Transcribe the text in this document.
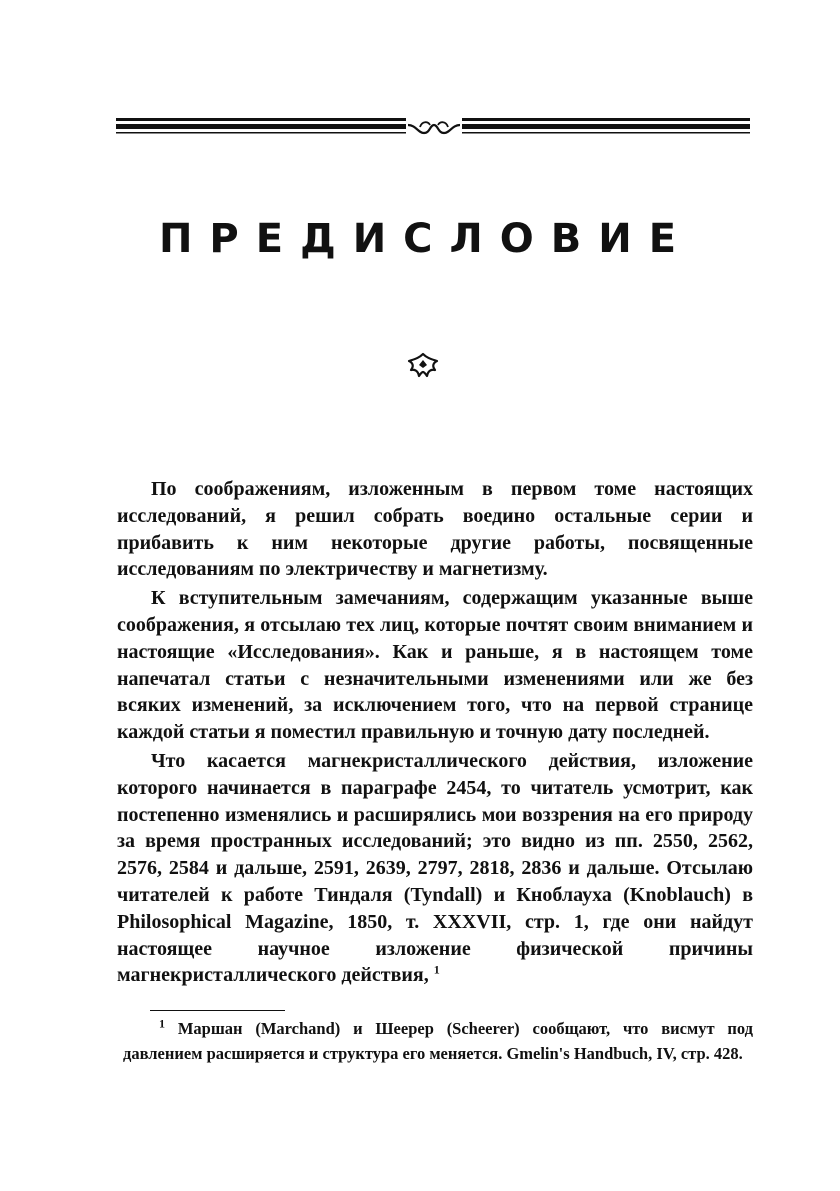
ПРЕДИСЛОВИЕ

По соображениям, изложенным в первом томе настоящих исследований, я решил собрать воедино остальные серии и прибавить к ним некоторые другие работы, посвященные исследованиям по электричеству и магнетизму.

К вступительным замечаниям, содержащим указанные выше соображения, я отсылаю тех лиц, которые почтят своим вниманием и настоящие «Исследования». Как и раньше, я в настоящем томе напечатал статьи с незначительными изменениями или же без всяких изменений, за исключением того, что на первой странице каждой статьи я поместил правильную и точную дату последней.

Что касается магнекристаллического действия, изложение которого начинается в параграфе 2454, то читатель усмотрит, как постепенно изменялись и расширялись мои воззрения на его природу за время пространных исследований; это видно из пп. 2550, 2562, 2576, 2584 и дальше, 2591, 2639, 2797, 2818, 2836 и дальше. Отсылаю читателей к работе Тиндаля (Tyndall) и Кноблауха (Knoblauch) в Philosophical Magazine, 1850, т. XXXVII, стр. 1, где они найдут настоящее научное изложение физической причины магнекристаллического действия, $^1$

$^1$ Маршан (Marchand) и Шеерер (Scheerer) сообщают, что висмут под давлением расширяется и структура его меняется. Gmelin's Handbuch, IV, стр. 428.
